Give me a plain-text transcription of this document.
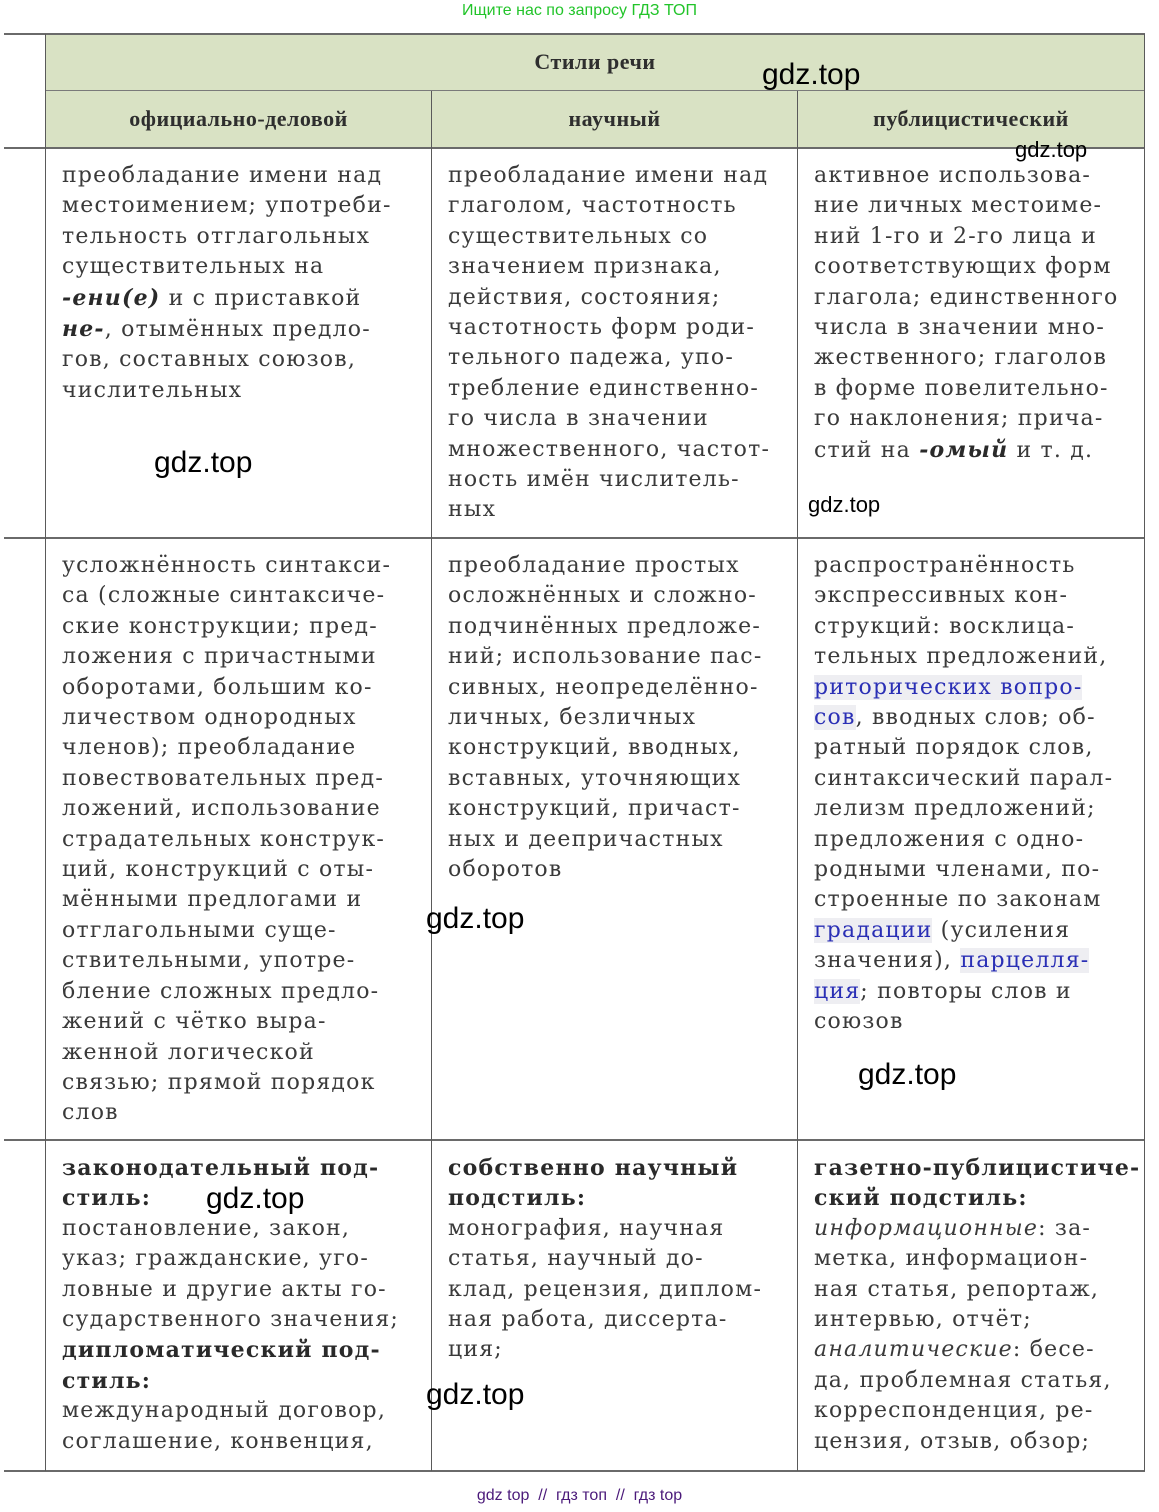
Ищите нас по запросу ГДЗ ТОП
Стили речи
официально-деловой	научный	публицистический
преобладание имени над
местоимением; употреби-
тельность отглагольных
существительных на
-ени(е) и с приставкой
не-, отымённых предло-
гов, составных союзов,
числительных
преобладание имени над
глаголом, частотность
существительных со
значением признака,
действия, состояния;
частотность форм роди-
тельного падежа, упо-
требление единственно-
го числа в значении
множественного, частот-
ность имён числитель-
ных
активное использова-
ние личных местоиме-
ний 1-го и 2-го лица и
соответствующих форм
глагола; единственного
числа в значении мно-
жественного; глаголов
в форме повелительно-
го наклонения; прича-
стий на -омый и т. д.
усложнённость синтакси-
са (сложные синтаксиче-
ские конструкции; пред-
ложения с причастными
оборотами, большим ко-
личеством однородных
членов); преобладание
повествовательных пред-
ложений, использование
страдательных конструк-
ций, конструкций с оты-
мёнными предлогами и
отглагольными суще-
ствительными, употре-
бление сложных предло-
жений с чётко выра-
женной логической
связью; прямой порядок
слов
преобладание простых
осложнённых и сложно-
подчинённых предложе-
ний; использование пас-
сивных, неопределённо-
личных, безличных
конструкций, вводных,
вставных, уточняющих
конструкций, причаст-
ных и деепричастных
оборотов
распространённость
экспрессивных кон-
струкций: восклица-
тельных предложений,
риторических вопро-
сов, вводных слов; об-
ратный порядок слов,
синтаксический парал-
лелизм предложений;
предложения с одно-
родными членами, по-
строенные по законам
градации (усиления
значения), парцелля-
ция; повторы слов и
союзов
законодательный под-
стиль:
постановление, закон,
указ; гражданские, уго-
ловные и другие акты го-
сударственного значения;
дипломатический под-
стиль:
международный договор,
соглашение, конвенция,
собственно научный
подстиль:
монография, научная
статья, научный до-
клад, рецензия, диплом-
ная работа, диссерта-
ция;
газетно-публицистиче-
ский подстиль:
информационные: за-
метка, информацион-
ная статья, репортаж,
интервью, отчёт;
аналитические: бесе-
да, проблемная статья,
корреспонденция, ре-
цензия, отзыв, обзор;
gdz.top
gdz.top
gdz.top
gdz.top
gdz.top
gdz.top
gdz.top
gdz.top
gdz top  //  гдз топ  //  гдз top
